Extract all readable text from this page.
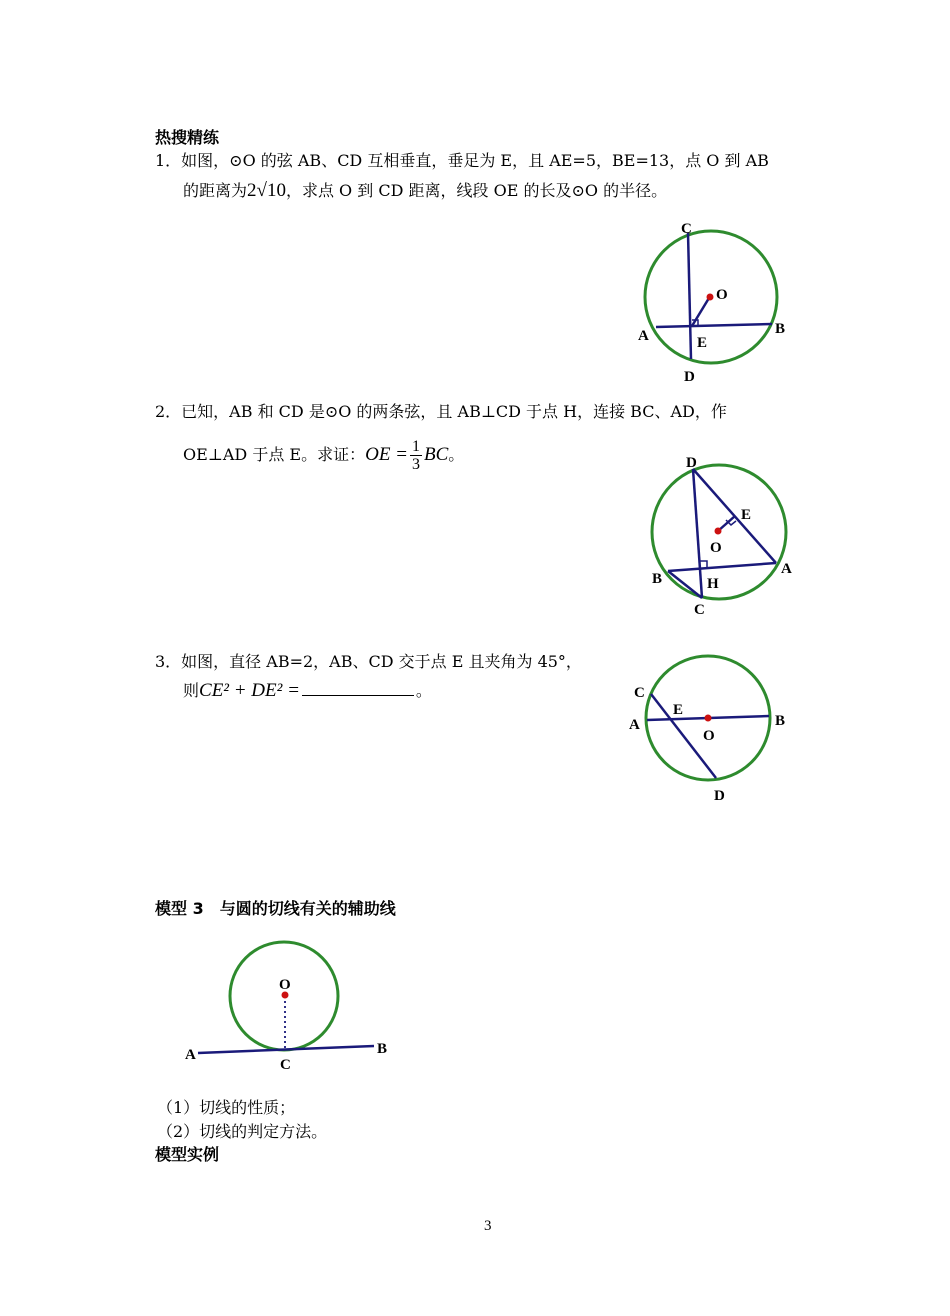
热搜精练
1．如图，⊙O 的弦 AB、CD 互相垂直，垂足为 E，且 AE=5，BE=13，点 O 到 AB
的距离为2√10，求点 O 到 CD 距离，线段 OE 的长及⊙O 的半径。
C
O
A	B
E
D
2．已知，AB 和 CD 是⊙O 的两条弦，且 AB⊥CD 于点 H，连接 BC、AD，作
OE⊥AD 于点 E。求证：OE = $\frac{1}{3}$ BC。	D
E
O
A
B	H
C
3．如图，直径 AB=2，AB、CD 交于点 E 且夹角为 45°，
则CE² + DE² =	。	C
E
A	B
O
D
模型 3　与圆的切线有关的辅助线
O
A
C
B
（1）切线的性质；
（2）切线的判定方法。
模型实例
3
